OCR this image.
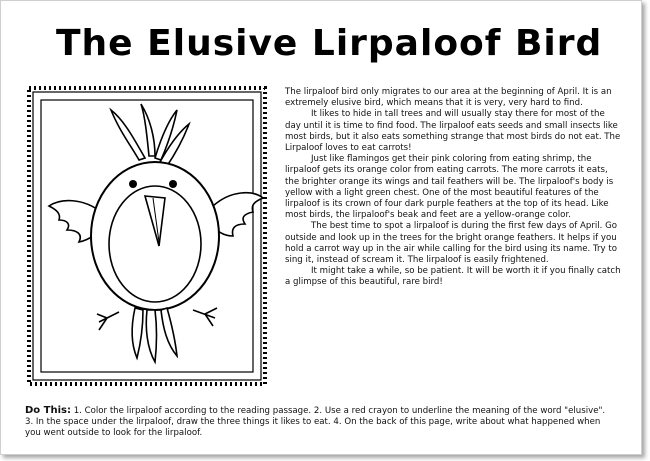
The Elusive Lirpaloof Bird

The lirpaloof bird only migrates to our area at the beginning of April. It is an extremely elusive bird, which means that it is very, very hard to find.

It likes to hide in tall trees and will usually stay there for most of the day until it is time to find food. The lirpaloof eats seeds and small insects like most birds, but it also eats something strange that most birds do not eat. The Lirpaloof loves to eat carrots!

Just like flamingos get their pink coloring from eating shrimp, the lirpaloof gets its orange color from eating carrots. The more carrots it eats, the brighter orange its wings and tail feathers will be. The lirpaloof's body is yellow with a light green chest. One of the most beautiful features of the lirpaloof is its crown of four dark purple feathers at the top of its head. Like most birds, the lirpaloof's beak and feet are a yellow-orange color.

The best time to spot a lirpaloof is during the first few days of April. Go outside and look up in the trees for the bright orange feathers. It helps if you hold a carrot way up in the air while calling for the bird using its name. Try to sing it, instead of scream it. The lirpaloof is easily frightened.

It might take a while, so be patient. It will be worth it if you finally catch a glimpse of this beautiful, rare bird!

Do This: 1. Color the lirpaloof according to the reading passage. 2. Use a red crayon to underline the meaning of the word "elusive". 3. In the space under the lirpaloof, draw the three things it likes to eat. 4. On the back of this page, write about what happened when you went outside to look for the lirpaloof.
